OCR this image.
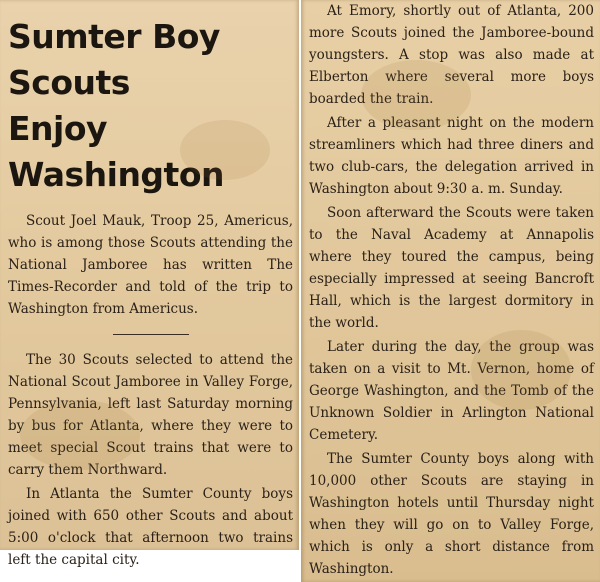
Sumter Boy Scouts
Enjoy Washington

Scout Joel Mauk, Troop 25, Americus, who is among those Scouts attending the National Jamboree has written The Times-Recorder and told of the trip to Washington from Americus.

The 30 Scouts selected to attend the National Scout Jamboree in Valley Forge, Pennsylvania, left last Saturday morning by bus for Atlanta, where they were to meet special Scout trains that were to carry them Northward.

In Atlanta the Sumter County boys joined with 650 other Scouts and about 5:00 o'clock that afternoon two trains left the capital city.

At Emory, shortly out of Atlanta, 200 more Scouts joined the Jamboree-bound youngsters. A stop was also made at Elberton where several more boys boarded the train.

After a pleasant night on the modern streamliners which had three diners and two club-cars, the delegation arrived in Washington about 9:30 a. m. Sunday.

Soon afterward the Scouts were taken to the Naval Academy at Annapolis where they toured the campus, being especially impressed at seeing Bancroft Hall, which is the largest dormitory in the world.

Later during the day, the group was taken on a visit to Mt. Vernon, home of George Washington, and the Tomb of the Unknown Soldier in Arlington National Cemetery.

The Sumter County boys along with 10,000 other Scouts are staying in Washington hotels until Thursday night when they will go on to Valley Forge, which is only a short distance from Washington.
